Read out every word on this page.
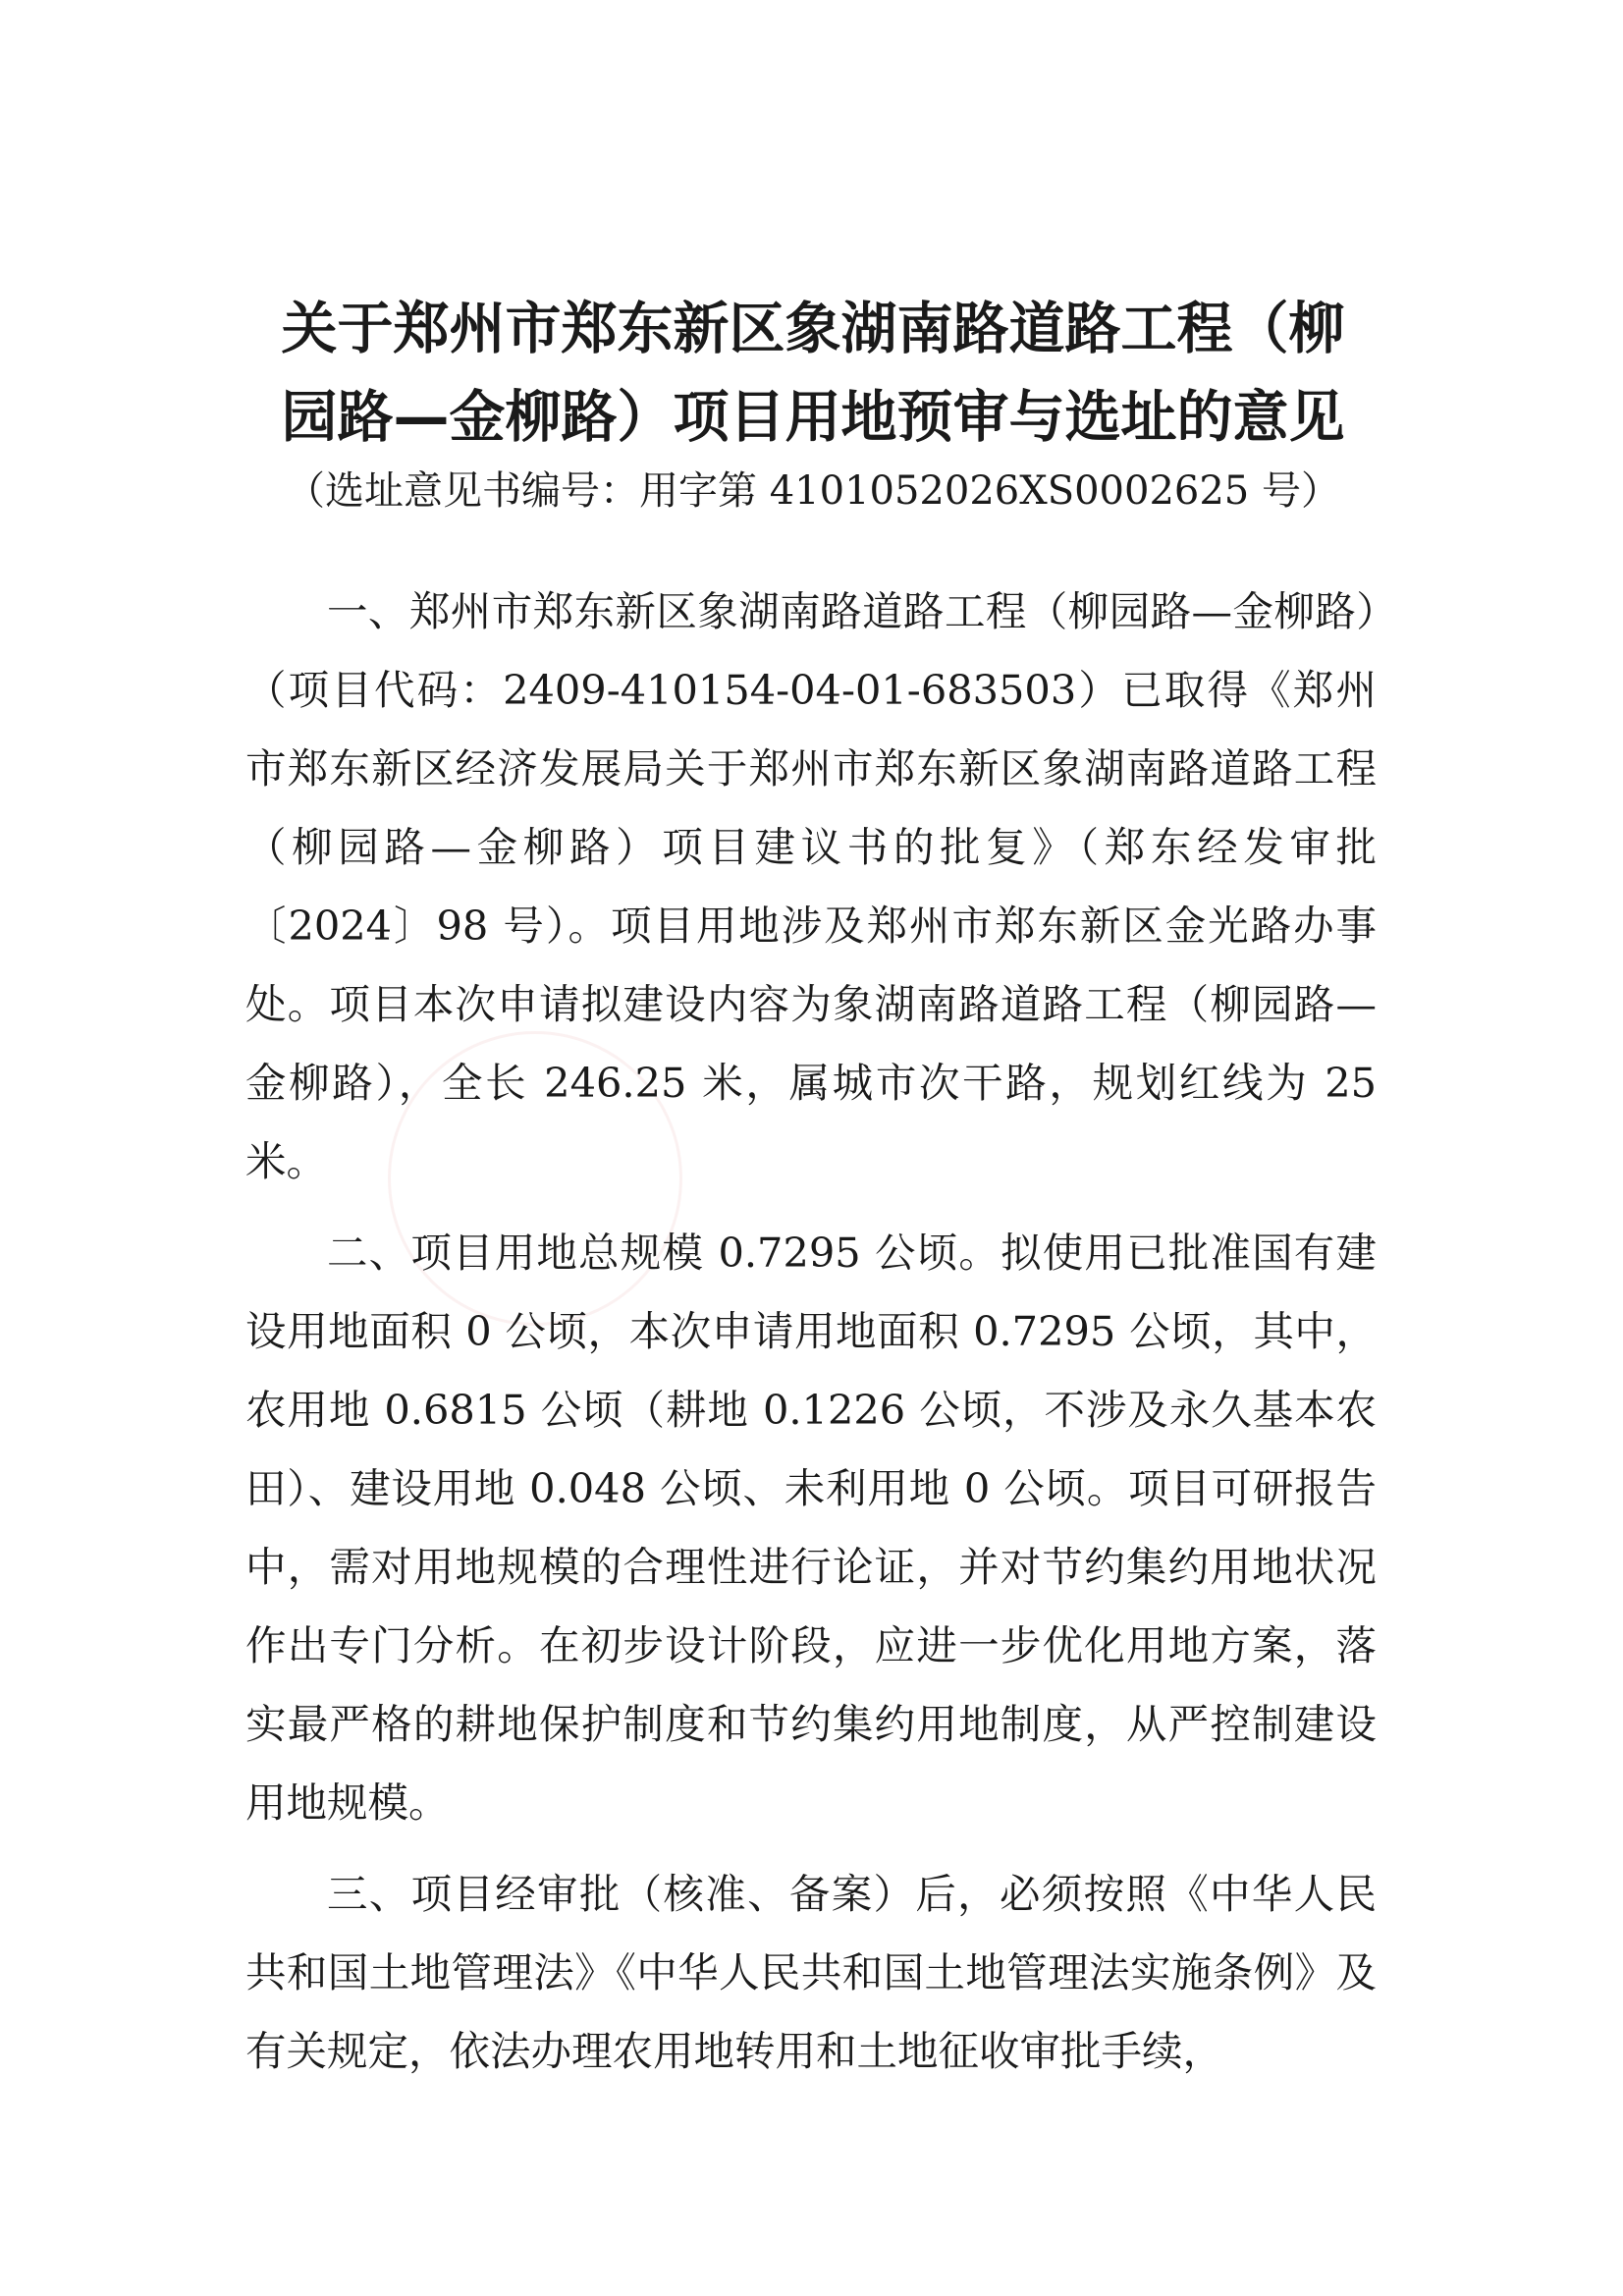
关于郑州市郑东新区象湖南路道路工程（柳
园路—金柳路）项目用地预审与选址的意见
（选址意见书编号：用字第 4101052026XS0002625 号）

一、郑州市郑东新区象湖南路道路工程（柳园路—金柳路）（项目代码：2409-410154-04-01-683503）已取得《郑州市郑东新区经济发展局关于郑州市郑东新区象湖南路道路工程（柳园路—金柳路）项目建议书的批复》（郑东经发审批〔2024〕98 号）。项目用地涉及郑州市郑东新区金光路办事处。项目本次申请拟建设内容为象湖南路道路工程（柳园路—金柳路），全长 246.25 米，属城市次干路，规划红线为 25 米。

二、项目用地总规模 0.7295 公顷。拟使用已批准国有建设用地面积 0 公顷，本次申请用地面积 0.7295 公顷，其中，农用地 0.6815 公顷（耕地 0.1226 公顷，不涉及永久基本农田）、建设用地 0.048 公顷、未利用地 0 公顷。项目可研报告中，需对用地规模的合理性进行论证，并对节约集约用地状况作出专门分析。在初步设计阶段，应进一步优化用地方案，落实最严格的耕地保护制度和节约集约用地制度，从严控制建设用地规模。

三、项目经审批（核准、备案）后，必须按照《中华人民共和国土地管理法》《中华人民共和国土地管理法实施条例》及有关规定，依法办理农用地转用和土地征收审批手续，
